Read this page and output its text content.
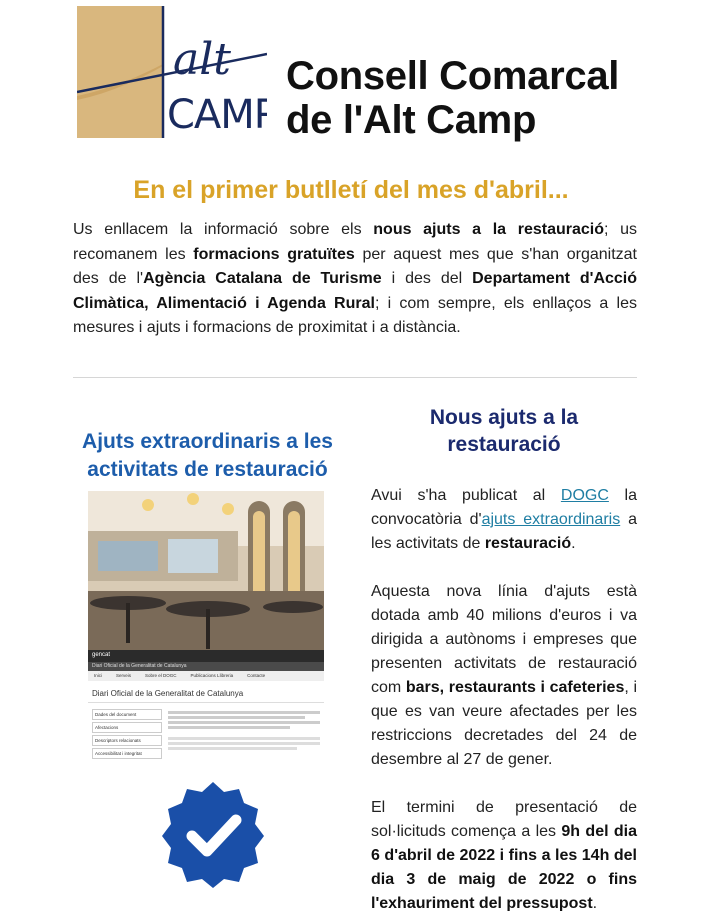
alt
CAMP
Consell Comarcal
de l'Alt Camp
En el primer butlletí del mes d'abril...
Us enllacem la informació sobre els nous ajuts a la restauració; us recomanem les formacions gratuïtes per aquest mes que s'han organitzat des de l'Agència Catalana de Turisme i des del Departament d'Acció Climàtica, Alimentació i Agenda Rural; i com sempre, els enllaços a les mesures i ajuts i formacions de proximitat i a distància.
Ajuts extraordinaris a les activitats de restauració
gencat
Diari Oficial de la Generalitat de Catalunya
Inici	Serveis	Sobre el DOGC	Publicacions Llibreria	Contacte
Diari Oficial de la Generalitat de Catalunya
Dades del document
Afectacions
Descriptors relacionats
Accessibilitat i integritat
Nous ajuts a la restauració

Avui s'ha publicat al DOGC la convocatòria d'ajuts extraordinaris a les activitats de restauració.

Aquesta nova línia d'ajuts està dotada amb 40 milions d'euros i va dirigida a autònoms i empreses que presenten activitats de restauració com bars, restaurants i cafeteries, i que es van veure afectades per les restriccions decretades del 24 de desembre al 27 de gener.

El termini de presentació de sol·licituds comença a les 9h del dia 6 d'abril de 2022 i fins a les 14h del dia 3 de maig de 2022 o fins l'exhauriment del pressupost.
